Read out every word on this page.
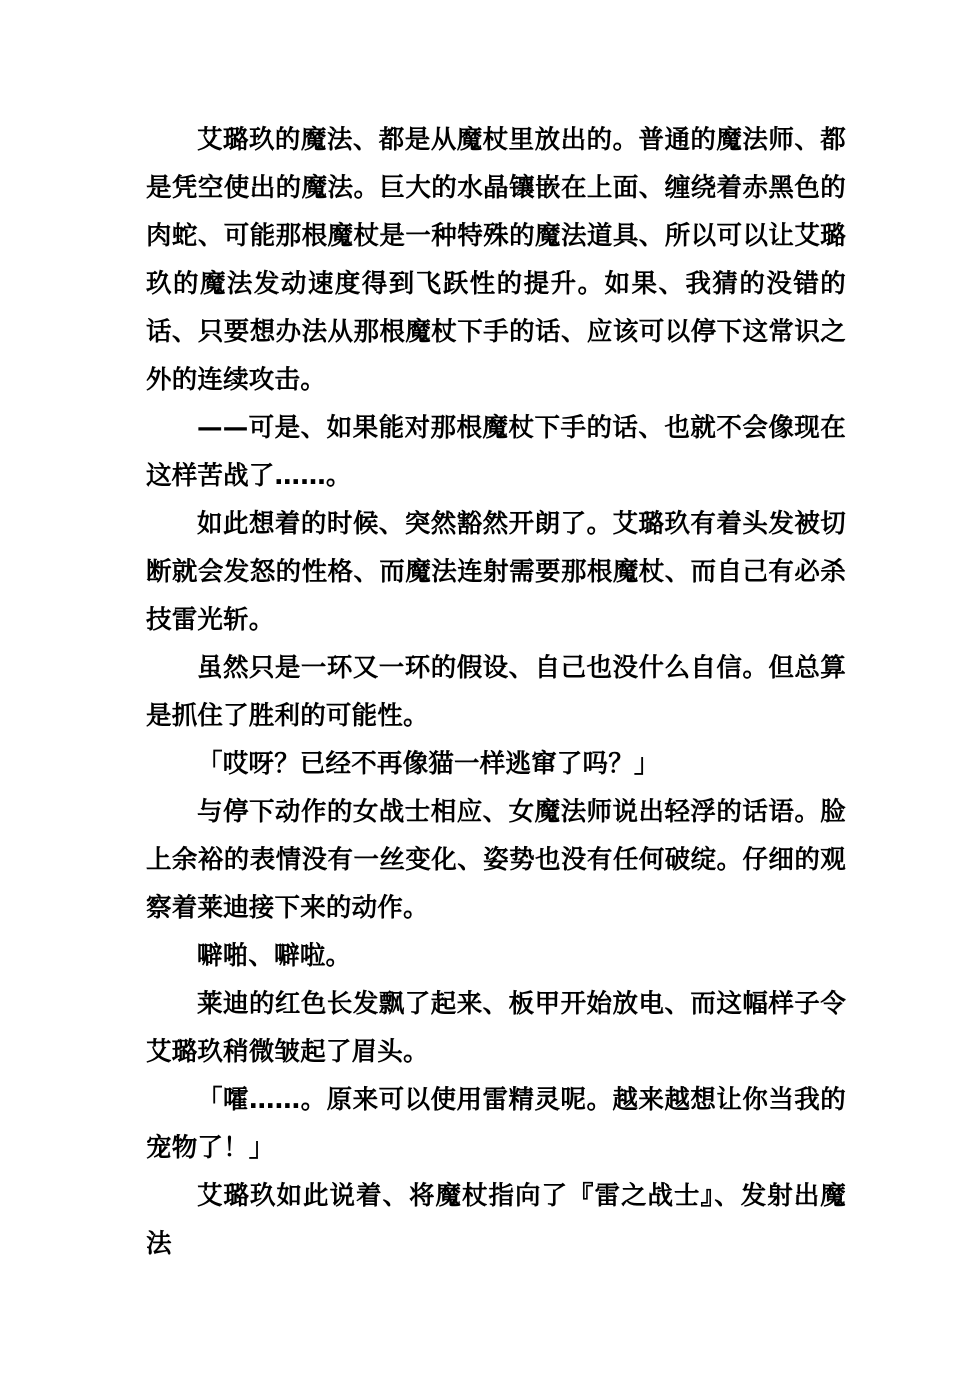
艾璐玖的魔法、都是从魔杖里放出的。普通的魔法师、都是凭空使出的魔法。巨大的水晶镶嵌在上面、缠绕着赤黑色的肉蛇、可能那根魔杖是一种特殊的魔法道具、所以可以让艾璐玖的魔法发动速度得到飞跃性的提升。如果、我猜的没错的话、只要想办法从那根魔杖下手的话、应该可以停下这常识之外的连续攻击。

——可是、如果能对那根魔杖下手的话、也就不会像现在这样苦战了……。

如此想着的时候、突然豁然开朗了。艾璐玖有着头发被切断就会发怒的性格、而魔法连射需要那根魔杖、而自己有必杀技雷光斩。

虽然只是一环又一环的假设、自己也没什么自信。但总算是抓住了胜利的可能性。

「哎呀？已经不再像猫一样逃窜了吗？」

与停下动作的女战士相应、女魔法师说出轻浮的话语。脸上余裕的表情没有一丝变化、姿势也没有任何破绽。仔细的观察着莱迪接下来的动作。

噼啪、噼啦。

莱迪的红色长发飘了起来、板甲开始放电、而这幅样子令艾璐玖稍微皱起了眉头。

「嚯……。原来可以使用雷精灵呢。越来越想让你当我的宠物了！」

艾璐玖如此说着、将魔杖指向了『雷之战士』、发射出魔法
